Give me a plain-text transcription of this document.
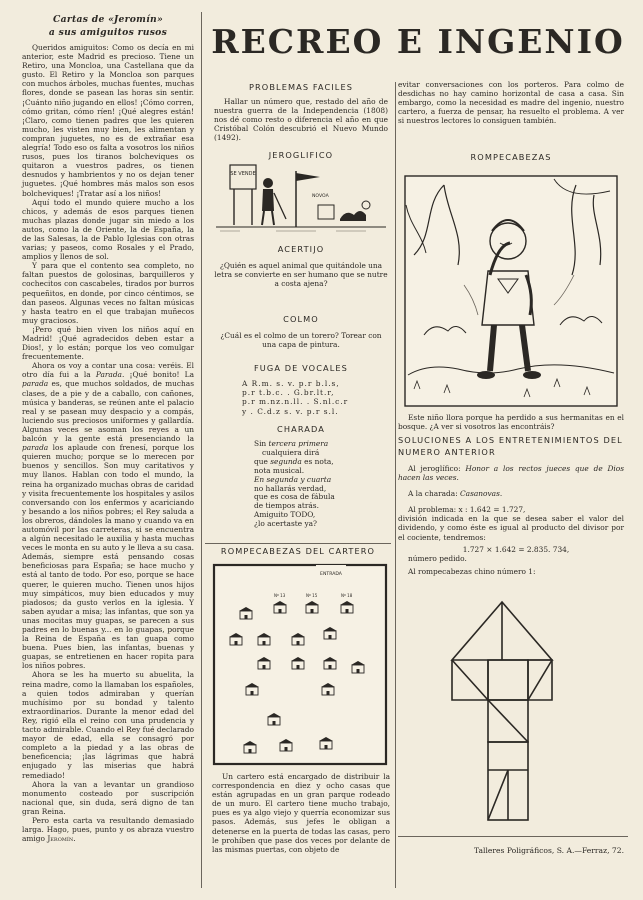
Cartas de «Jeromín»
a sus amiguitos rusos

Queridos amiguitos: Como os decía en mi anterior, este Madrid es precioso. Tiene un Retiro, una Moncloa, una Castellana que da gusto. El Retiro y la Moncloa son parques con muchos árboles, muchas fuentes, muchas flores, donde se pasean las horas sin sentir. ¡Cuánto niño jugando en ellos! ¡Cómo corren, cómo gritan, cómo ríen! ¡Qué alegres están! ¡Claro, como tienen padres que les quieren mucho, les visten muy bien, les alimentan y compran juguetes, no es de extrañar esa alegría! Todo eso os falta a vosotros los niños rusos, pues los tiranos bolcheviques os quitaron a vuestros padres, os tienen desnudos y hambrientos y no os dejan tener juguetes. ¡Qué hombres más malos son esos bolcheviques! ¡Tratar así a los niños!

Aquí todo el mundo quiere mucho a los chicos, y además de esos parques tienen muchas plazas donde jugar sin miedo a los autos, como la de Oriente, la de España, la de las Salesas, la de Pablo Iglesias con otras varias; y paseos, como Rosales y el Prado, amplios y llenos de sol.

Y para que el contento sea completo, no faltan puestos de golosinas, barquilleros y cochecitos con cascabeles, tirados por burros pequeñitos, en donde, por cinco céntimos, se dan paseos. Algunas veces no faltan músicas y hasta teatro en el que trabajan muñecos muy graciosos.

¡Pero qué bien viven los niños aquí en Madrid! ¡Qué agradecidos deben estar a Dios!, y lo están; porque los veo comulgar frecuentemente.

Ahora os voy a contar una cosa: veréis. El otro día fui a la Parada. ¡Qué bonito! La parada es, que muchos soldados, de muchas clases, de a pie y de a caballo, con cañones, música y banderas, se reúnen ante el palacio real y se pasean muy despacio y a compás, luciendo sus preciosos uniformes y gallardía. Algunas veces se asoman los reyes a un balcón y la gente está presenciando la parada los aplaude con frenesí, porque los quieren mucho; porque se lo merecen por buenos y sencillos. Son muy caritativos y muy llanos. Hablan con todo el mundo, la reina ha organizado muchas obras de caridad y visita frecuentemente los hospitales y asilos conversando con los enfermos y acariciando y besando a los niños pobres; el Rey saluda a los obreros, dándoles la mano y cuando va en automóvil por las carreteras, si se encuentra a algún necesitado le auxilia y hasta muchas veces le monta en su auto y le lleva a su casa. Además, siempre está pensando cosas beneficiosas para España; se hace mucho y está al tanto de todo. Por eso, porque se hace querer, le quieren mucho. Tienen unos hijos muy simpáticos, muy bien educados y muy piadosos; da gusto verlos en la iglesia. Y saben ayudar a misa; las infantas, que son ya unas mocitas muy guapas, se parecen a sus padres en lo buenas y... en lo guapas, porque la Reina de España es tan guapa como buena. Pues bien, las infantas, buenas y guapas, se entretienen en hacer ropita para los niños pobres.

Ahora se les ha muerto su abuelita, la reina madre, como la llamaban los españoles, a quien todos admiraban y querían muchísimo por su bondad y talento extraordinarios. Durante la menor edad del Rey, rigió ella el reino con una prudencia y tacto admirable. Cuando el Rey fué declarado mayor de edad, ella se consagró por completo a la piedad y a las obras de beneficencia; ¡las lágrimas que habrá enjugado y las miserias que habrá remediado!

Ahora la van a levantar un grandioso monumento costeado por suscripción nacional que, sin duda, será digno de tan gran Reina.

Pero esta carta va resultando demasiado larga. Hago, pues, punto y os abraza vuestro amigo Jeromín.

RECREO E INGENIO

PROBLEMAS FACILES

Hallar un número que, restado del año de nuestra guerra de la Independencia (1808) nos dé como resto o diferencia el año en que Cristóbal Colón descubrió el Nuevo Mundo (1492).

JEROGLIFICO

SE VENDE
NOVOA

ACERTIJO

¿Quién es aquel animal que quitándole una letra se convierte en ser humano que se nutre a costa ajena?

COLMO

¿Cuál es el colmo de un torero? Torear con una capa de pintura.

FUGA DE VOCALES

A R.m. s. v. p.r b.l.s,
p.r t.b.c. . G.br.lt.r,
p.r m.nz.n.ll. . S.nl.c.r
y . C.d.z s. v. p.r s.l.

CHARADA

Sin tercera primera
cualquiera dirá
que segunda es nota,
nota musical.
En segunda y cuarta
no hallarás verdad,
que es cosa de fábula
de tiempos atrás.
Amiguito TODO,
¿lo acertaste ya?

ROMPECABEZAS DEL CARTERO

ENTRADA
Nº 13	Nº 15	Nº 18

Un cartero está encargado de distribuir la correspondencia en diez y ocho casas que están agrupadas en un gran parque rodeado de un muro. El cartero tiene mucho trabajo, pues es ya algo viejo y querría economizar sus pasos. Además, sus jefes le obligan a detenerse en la puerta de todas las casas, pero le prohíben que pase dos veces por delante de las mismas puertas, con objeto de

evitar conversaciones con los porteros. Para colmo de desdichas no hay camino horizontal de casa a casa. Sin embargo, como la necesidad es madre del ingenio, nuestro cartero, a fuerza de pensar, ha resuelto el problema. A ver si nuestros lectores lo consiguen también.

ROMPECABEZAS

Este niño llora porque ha perdido a sus hermanitas en el bosque. ¿A ver si vosotros las encontráis?

SOLUCIONES A LOS ENTRETENIMIENTOS DEL NUMERO ANTERIOR

Al jeroglífico: Honor a los rectos jueces que de Dios hacen las veces.

A la charada: Casanovas.

Al problema: x : 1.642 = 1.727,

división indicada en la que se desea saber el valor del dividendo, y como éste es igual al producto del divisor por el cociente, tendremos:

1.727 × 1.642 = 2.835. 734,

número pedido.

Al rompecabezas chino número 1:

Talleres Poligráficos, S. A.—Ferraz, 72.
